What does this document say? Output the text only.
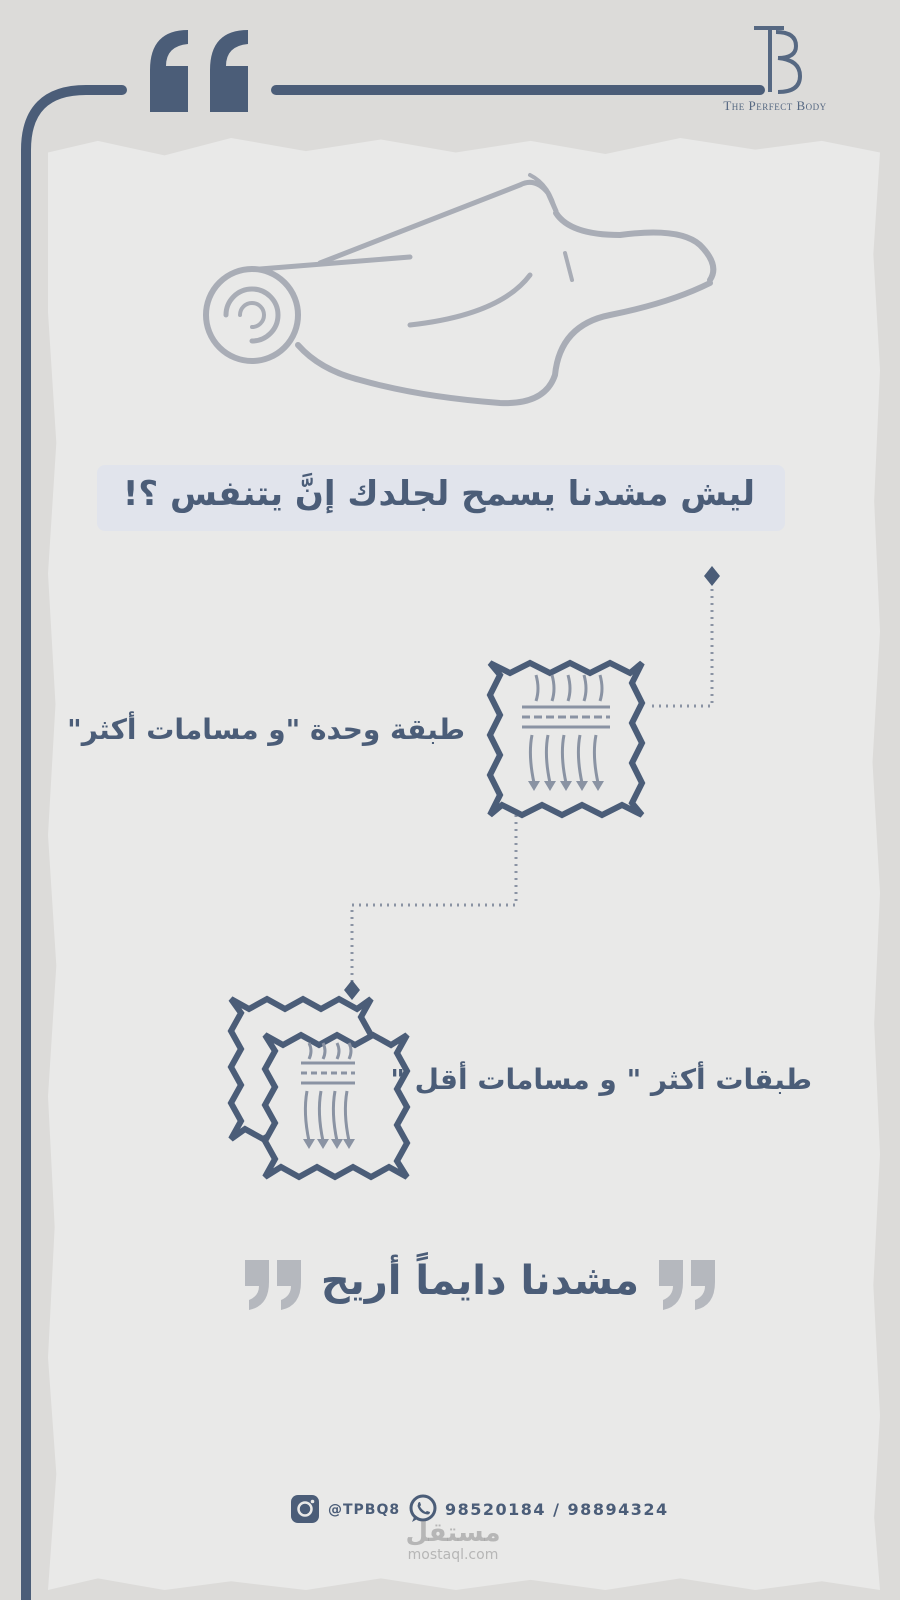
The Perfect Body
ليش مشدنا يسمح لجلدك إنَّ يتنفس ؟!
طبقة وحدة "و مسامات أكثر"
طبقات أكثر " و مسامات أقل "
مشدنا دايماً أريح
@TPBQ8	98520184 / 98894324
مستقل
mostaql.com
